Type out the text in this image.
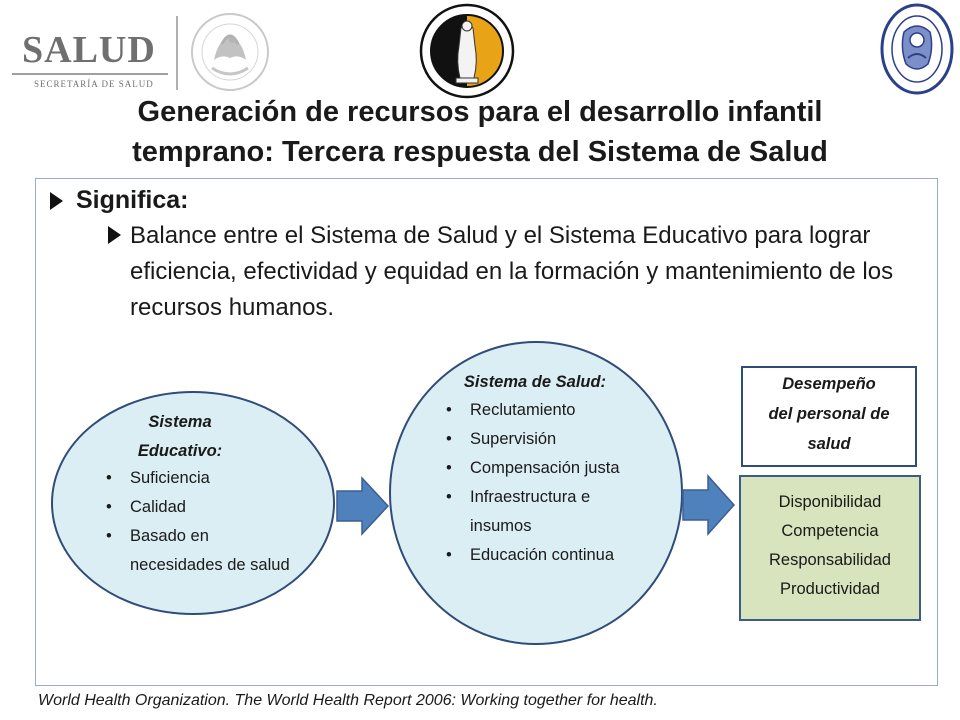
SALUD
SECRETARÍA DE SALUD
Generación de recursos para el desarrollo infantil
temprano: Tercera respuesta del Sistema de Salud
Significa:
Balance entre el Sistema de Salud y el Sistema Educativo para lograr eficiencia, efectividad y equidad en la formación y mantenimiento de los recursos humanos.
Sistema
Educativo:
• Suficiencia
• Calidad
• Basado en necesidades de salud
Sistema de Salud:
• Reclutamiento
• Supervisión
• Compensación justa
• Infraestructura e insumos
• Educación continua
Desempeño
del personal de
salud
Disponibilidad
Competencia
Responsabilidad
Productividad
World Health Organization. The World Health Report 2006: Working together for health.
